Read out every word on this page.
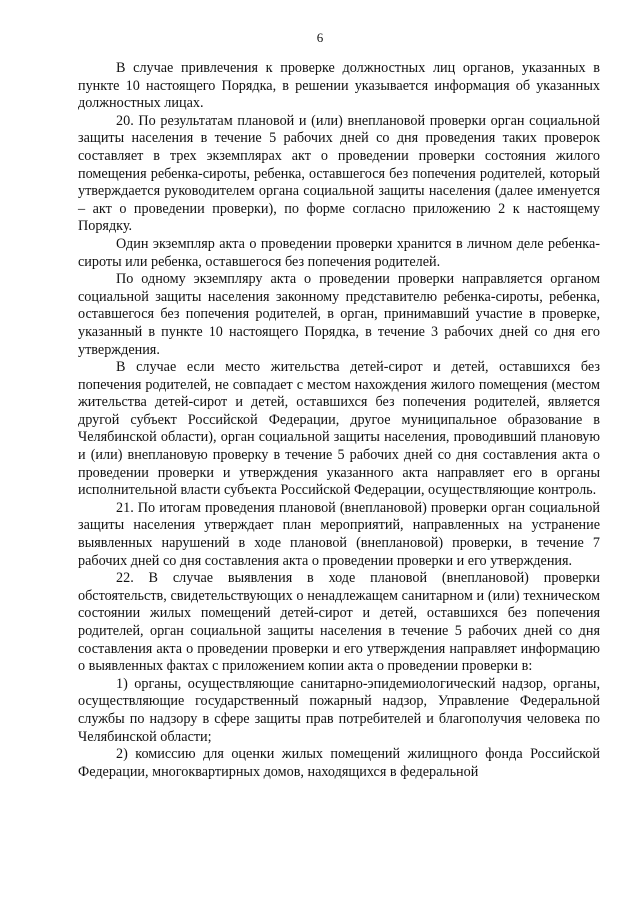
6

В случае привлечения к проверке должностных лиц органов, указанных в пункте 10 настоящего Порядка, в решении указывается информация об указанных должностных лицах.

20. По результатам плановой и (или) внеплановой проверки орган социальной защиты населения в течение 5 рабочих дней со дня проведения таких проверок составляет в трех экземплярах акт о проведении проверки состояния жилого помещения ребенка-сироты, ребенка, оставшегося без попечения родителей, который утверждается руководителем органа социальной защиты населения (далее именуется – акт о проведении проверки), по форме согласно приложению 2 к настоящему Порядку.

Один экземпляр акта о проведении проверки хранится в личном деле ребенка-сироты или ребенка, оставшегося без попечения родителей.

По одному экземпляру акта о проведении проверки направляется органом социальной защиты населения законному представителю ребенка-сироты, ребенка, оставшегося без попечения родителей, в орган, принимавший участие в проверке, указанный в пункте 10 настоящего Порядка, в течение 3 рабочих дней со дня его утверждения.

В случае если место жительства детей-сирот и детей, оставшихся без попечения родителей, не совпадает с местом нахождения жилого помещения (местом жительства детей-сирот и детей, оставшихся без попечения родителей, является другой субъект Российской Федерации, другое муниципальное образование в Челябинской области), орган социальной защиты населения, проводивший плановую и (или) внеплановую проверку в течение 5 рабочих дней со дня составления акта о проведении проверки и утверждения указанного акта направляет его в органы исполнительной власти субъекта Российской Федерации, осуществляющие контроль.

21. По итогам проведения плановой (внеплановой) проверки орган социальной защиты населения утверждает план мероприятий, направленных на устранение выявленных нарушений в ходе плановой (внеплановой) проверки, в течение 7 рабочих дней со дня составления акта о проведении проверки и его утверждения.

22. В случае выявления в ходе плановой (внеплановой) проверки обстоятельств, свидетельствующих о ненадлежащем санитарном и (или) техническом состоянии жилых помещений детей-сирот и детей, оставшихся без попечения родителей, орган социальной защиты населения в течение 5 рабочих дней со дня составления акта о проведении проверки и его утверждения направляет информацию о выявленных фактах с приложением копии акта о проведении проверки в:

1) органы, осуществляющие санитарно-эпидемиологический надзор, органы, осуществляющие государственный пожарный надзор, Управление Федеральной службы по надзору в сфере защиты прав потребителей и благополучия человека по Челябинской области;

2) комиссию для оценки жилых помещений жилищного фонда Российской Федерации, многоквартирных домов, находящихся в федеральной
